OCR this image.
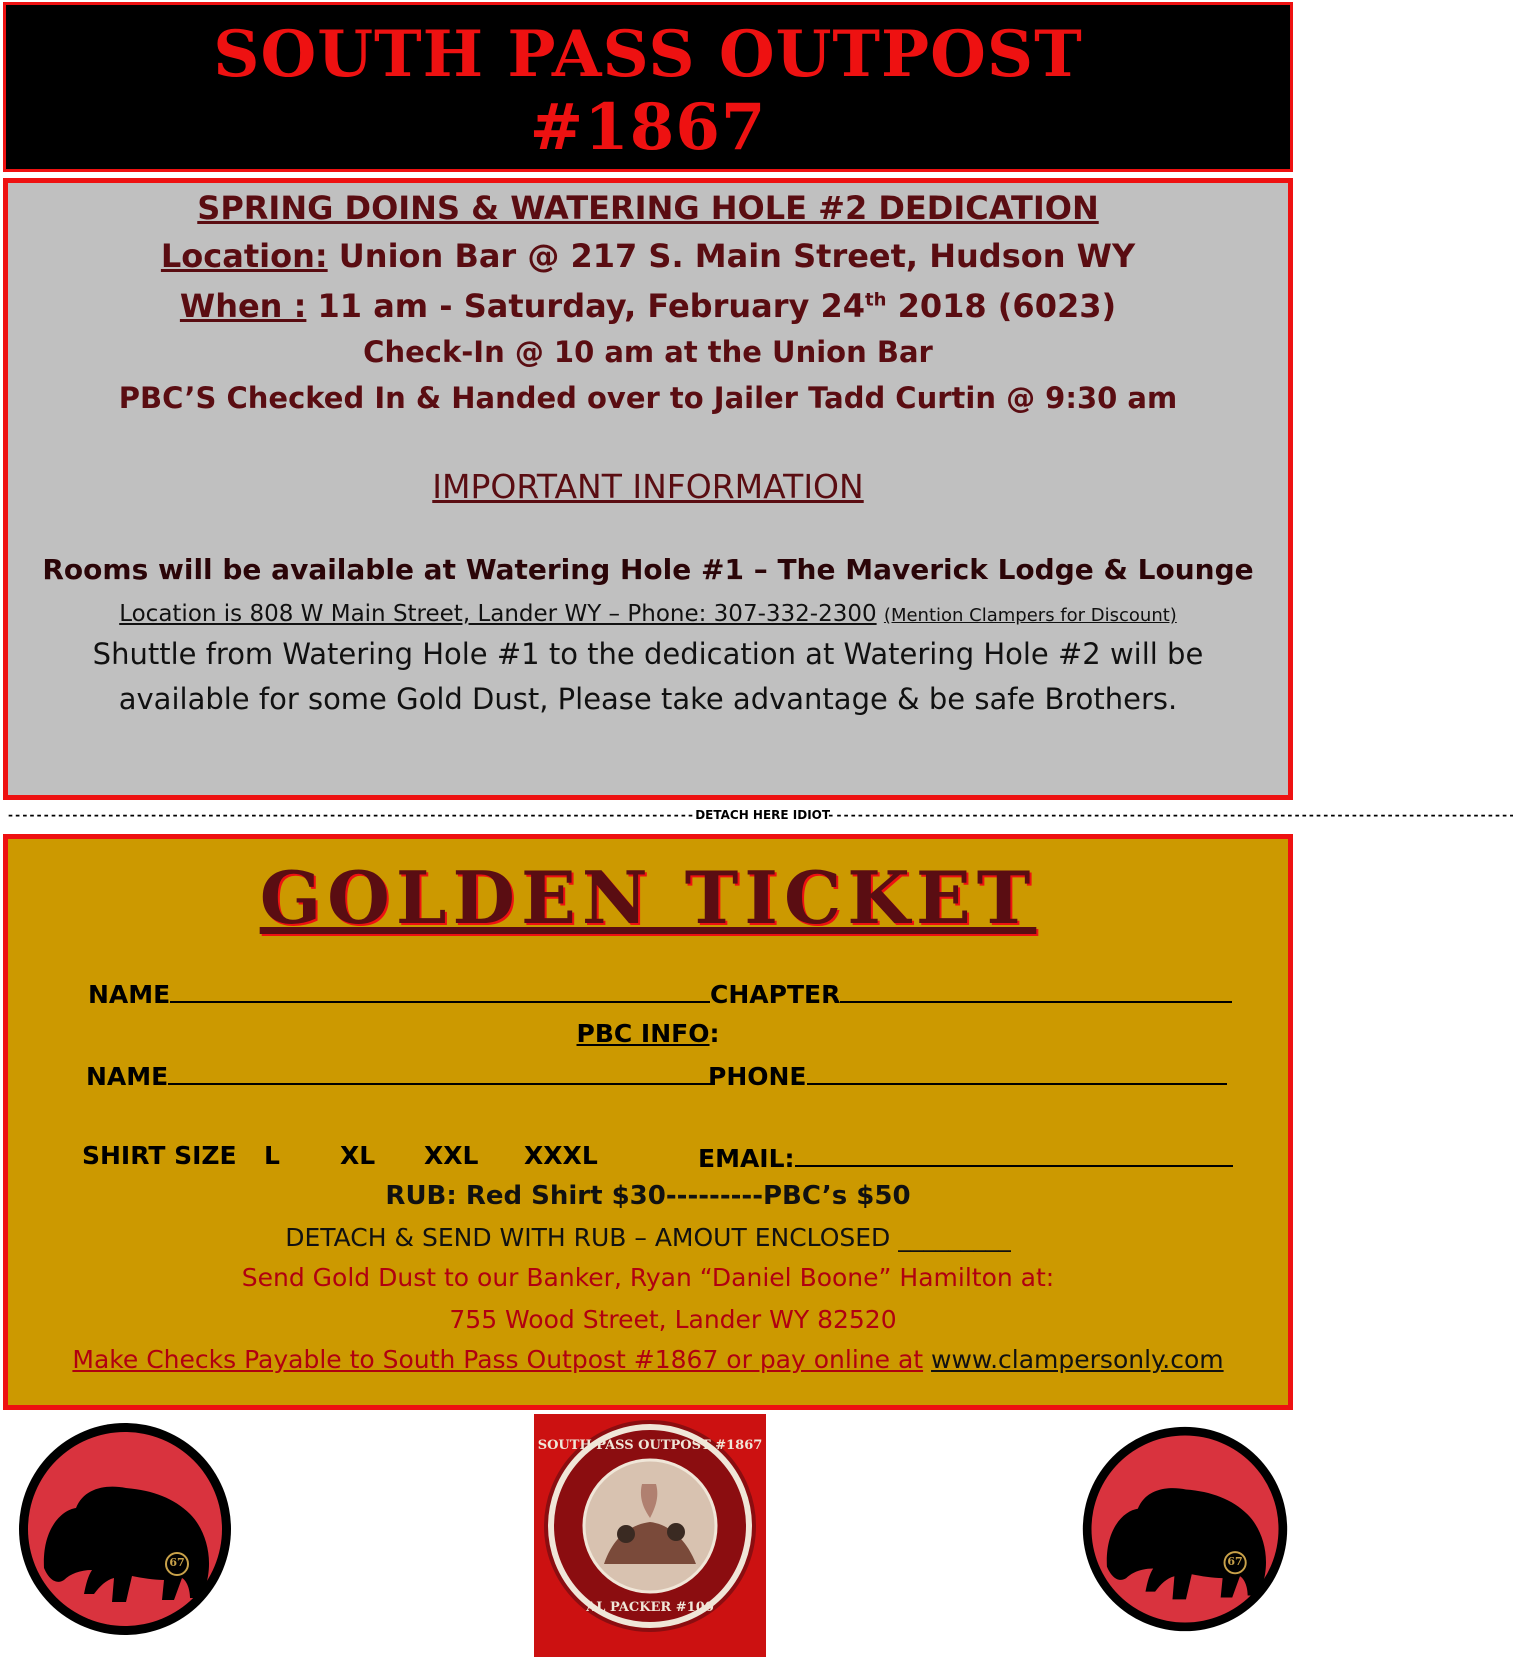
SOUTH PASS OUTPOST
#1867
SPRING DOINS & WATERING HOLE #2 DEDICATION
Location: Union Bar @ 217 S. Main Street, Hudson WY
When : 11 am - Saturday, February 24th 2018 (6023)
Check-In @ 10 am at the Union Bar
PBC’S Checked In & Handed over to Jailer Tadd Curtin @ 9:30 am
IMPORTANT INFORMATION
Rooms will be available at Watering Hole #1 – The Maverick Lodge & Lounge
Location is 808 W Main Street, Lander WY – Phone: 307-332-2300 (Mention Clampers for Discount)
Shuttle from Watering Hole #1 to the dedication at Watering Hole #2 will be
available for some Gold Dust, Please take advantage & be safe Brothers.
- - - - - - - - - - - - - - - - - - - - - - - - - - - - - - - - - - - - - - - - - - - - - - - - - - - - - - - - - - - - - - - - - - - - - - - - - - - - - - - - - - - - - - - - - - - - - - - - DETACH HERE IDIOT- - - - - - - - - - - - - - - - - - - - - - - - - - - - - - - - - - - - - - - - - - - - - - - - - - - - - - - - - - - - - - - - - - - - - - - - - - - - - - - - - - - - - - - - - - - - - - - -
GOLDEN TICKET
NAME	CHAPTER
PBC INFO:
NAME	PHONE
SHIRT SIZE L XL XXL XXXL	EMAIL:
RUB: Red Shirt $30---------PBC’s $50
DETACH & SEND WITH RUB – AMOUT ENCLOSED _________
Send Gold Dust to our Banker, Ryan “Daniel Boone” Hamilton at:
755 Wood Street, Lander WY 82520
Make Checks Payable to South Pass Outpost #1867 or pay online at www.clampersonly.com
67
SOUTH PASS OUTPOST #1867
AL PACKER #100
67
